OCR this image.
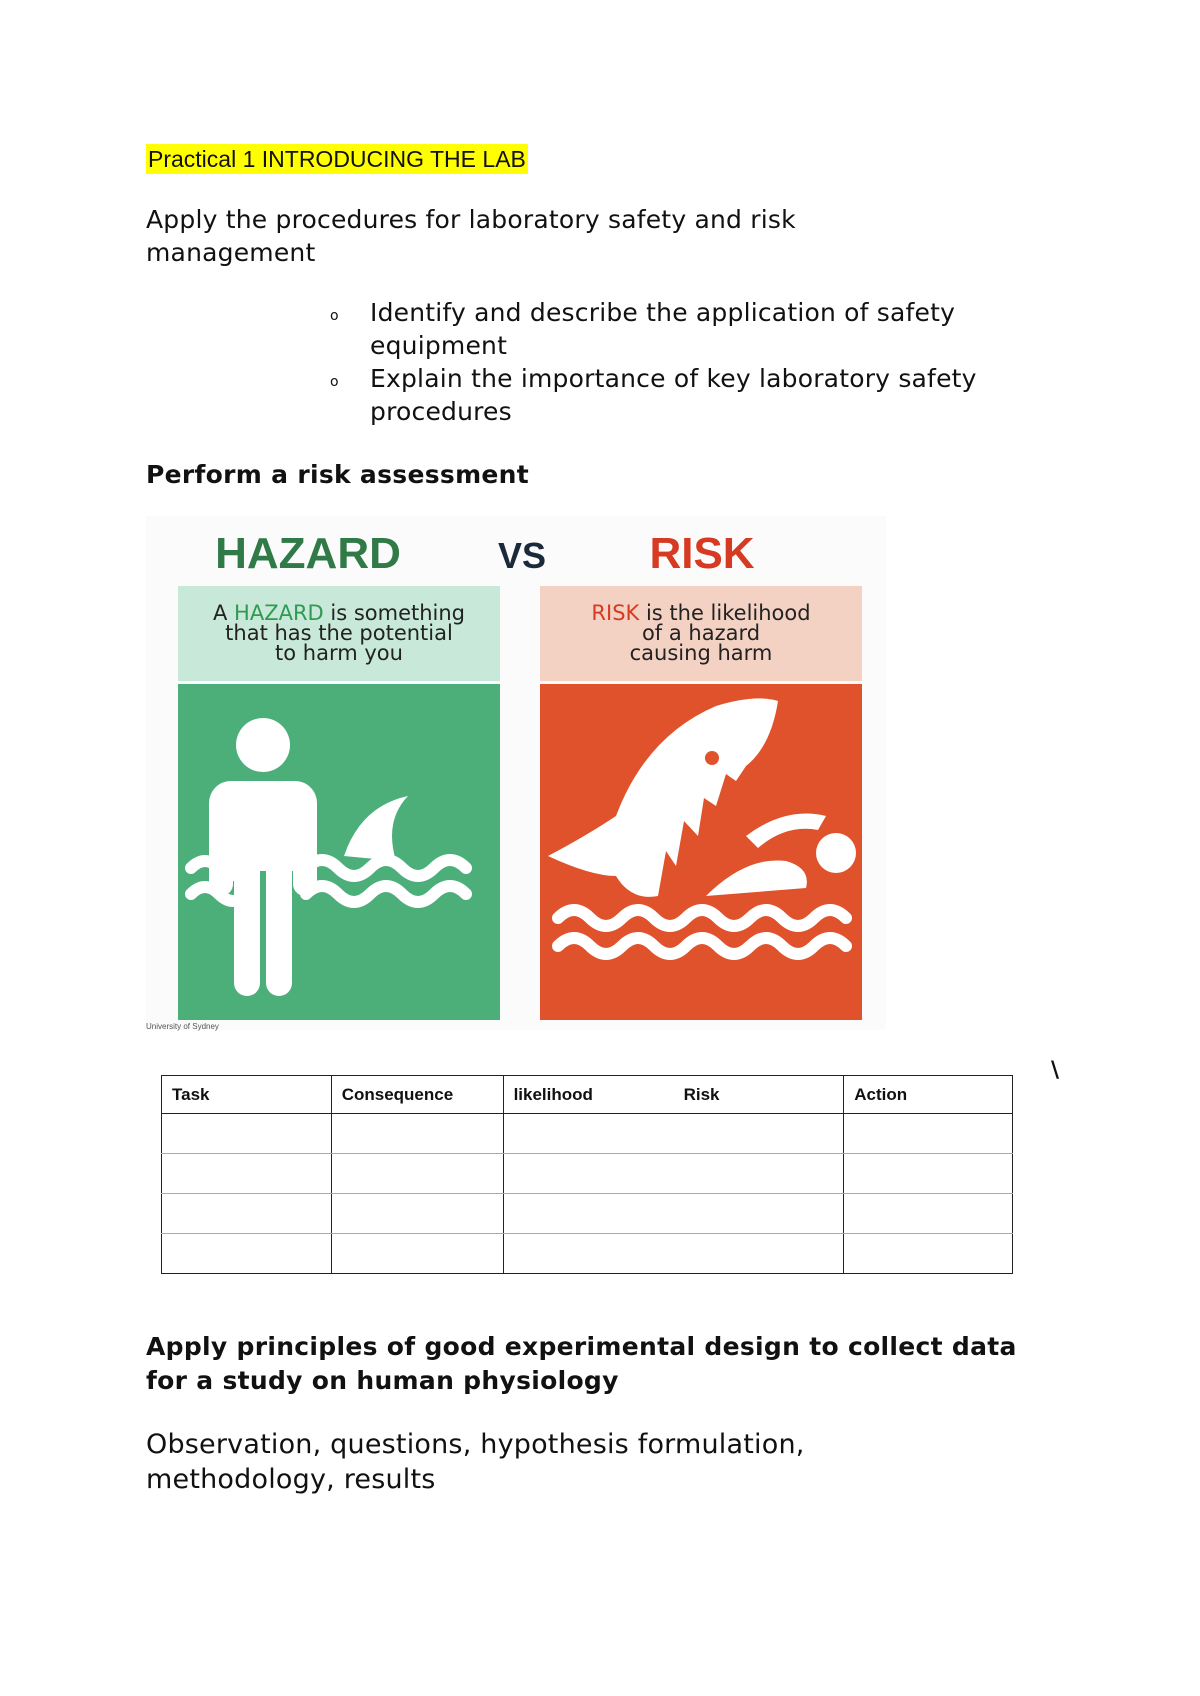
Practical 1 INTRODUCING THE LAB
Apply the procedures for laboratory safety and risk management
o Identify and describe the application of safety equipment
o Explain the importance of key laboratory safety procedures
Perform a risk assessment
HAZARD	VS RISK
A HAZARD is something
that has the potential
to harm you
RISK is the likelihood
of a hazard
causing harm
University of Sydney
\
Task	Consequence	likelihood Risk	Action

Apply principles of good experimental design to collect data for a study on human physiology
Observation, questions, hypothesis formulation, methodology, results
